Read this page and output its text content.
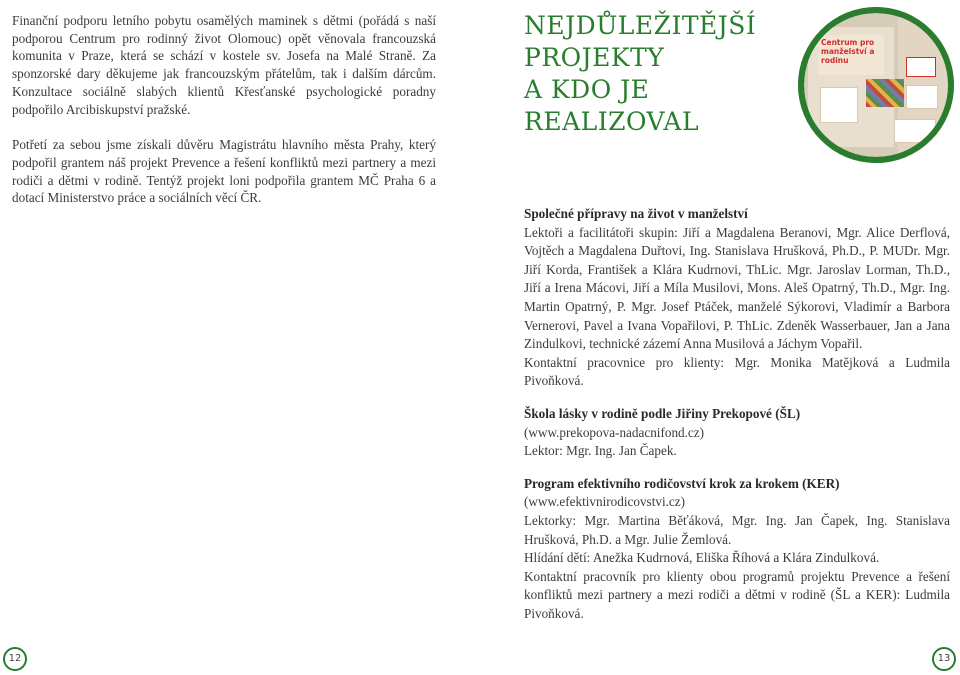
Finanční podporu letního pobytu osamělých maminek s dětmi (pořádá s naší podporou Centrum pro rodinný život Olomouc) opět věnovala francouzská komunita v Praze, která se schází v kostele sv. Josefa na Malé Straně. Za sponzorské dary děkujeme jak francouzským přátelům, tak i dalším dárcům. Konzultace sociálně slabých klientů Křesťanské psychologické poradny podpořilo Arcibiskupství pražské.

Potřetí za sebou jsme získali důvěru Magistrátu hlavního města Prahy, který podpořil grantem náš projekt Prevence a řešení konfliktů mezi partnery a mezi rodiči a dětmi v rodině. Tentýž projekt loni podpořila grantem MČ Praha 6 a dotací Ministerstvo práce a sociálních věcí ČR.

NEJDŮLEŽITĚJŠÍ
PROJEKTY
A KDO JE
REALIZOVAL
Centrum pro
manželství a rodinu

Společné přípravy na život v manželství
Lektoři a facilitátoři skupin: Jiří a Magdalena Beranovi, Mgr. Alice Derflová, Vojtěch a Magdalena Duřtovi, Ing. Stanislava Hrušková, Ph.D., P. MUDr. Mgr. Jiří Korda, František a Klára Kudrnovi, ThLic. Mgr. Jaroslav Lorman, Th.D., Jiří a Irena Mácovi, Jiří a Míla Musilovi, Mons. Aleš Opatrný, Th.D., Mgr. Ing. Martin Opatrný, P. Mgr. Josef Ptáček, manželé Sýkorovi, Vladimír a Barbora Vernerovi, Pavel a Ivana Vopařilovi, P. ThLic. Zdeněk Wasserbauer, Jan a Jana Zindulkovi, technické zázemí Anna Musilová a Jáchym Vopařil.
Kontaktní pracovnice pro klienty: Mgr. Monika Matějková a Ludmila Pivoňková.

Škola lásky v rodině podle Jiřiny Prekopové (ŠL)
(www.prekopova-nadacnifond.cz)
Lektor: Mgr. Ing. Jan Čapek.

Program efektivního rodičovství krok za krokem (KER)
(www.efektivnirodicovstvi.cz)
Lektorky: Mgr. Martina Běťáková, Mgr. Ing. Jan Čapek, Ing. Stanislava Hrušková, Ph.D. a Mgr. Julie Žemlová.
Hlídání dětí: Anežka Kudrnová, Eliška Říhová a Klára Zindulková.
Kontaktní pracovník pro klienty obou programů projektu Prevence a řešení konfliktů mezi partnery a mezi rodiči a dětmi v rodině (ŠL a KER): Ludmila Pivoňková.

12	13
